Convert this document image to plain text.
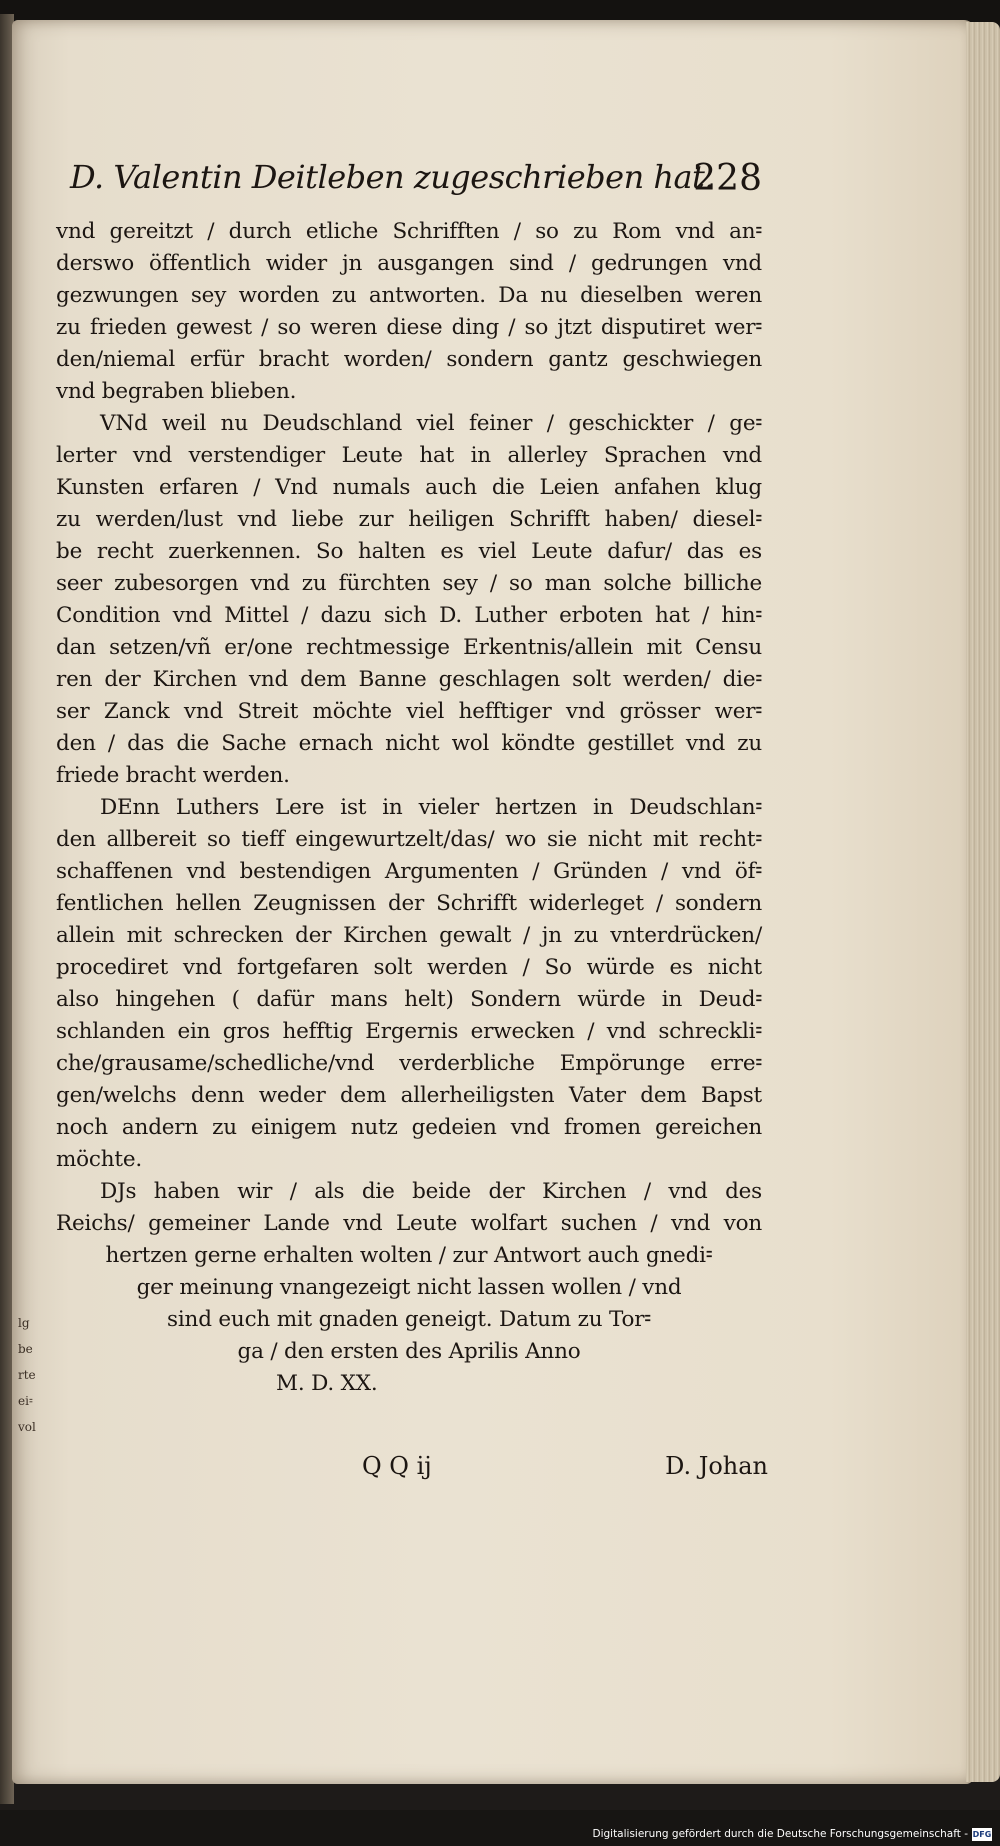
lg
be
rte
ei⹀
vol
D. Valentin Deitleben zugeschrieben hat.
228
vnd gereitzt / durch etliche Schrifften / so zu Rom vnd an⹀
derswo öffentlich wider jn ausgangen sind / gedrungen vnd
gezwungen sey worden zu antworten. Da nu dieselben weren
zu frieden gewest / so weren diese ding / so jtzt disputiret wer⹀
den/niemal erfür bracht worden/ sondern gantz geschwiegen
vnd begraben blieben.
VNd weil nu Deudschland viel feiner / geschickter / ge⹀
lerter vnd verstendiger Leute hat in allerley Sprachen vnd
Kunsten erfaren / Vnd numals auch die Leien anfahen klug
zu werden/lust vnd liebe zur heiligen Schrifft haben/ diesel⹀
be recht zuerkennen. So halten es viel Leute dafur/ das es
seer zubesorgen vnd zu fürchten sey / so man solche billiche
Condition vnd Mittel / dazu sich D. Luther erboten hat / hin⹀
dan setzen/vñ er/one rechtmessige Erkentnis/allein mit Censu
ren der Kirchen vnd dem Banne geschlagen solt werden/ die⹀
ser Zanck vnd Streit möchte viel hefftiger vnd grösser wer⹀
den / das die Sache ernach nicht wol köndte gestillet vnd zu
friede bracht werden.
DEnn Luthers Lere ist in vieler hertzen in Deudschlan⹀
den allbereit so tieff eingewurtzelt/das/ wo sie nicht mit recht⹀
schaffenen vnd bestendigen Argumenten / Gründen / vnd öf⹀
fentlichen hellen Zeugnissen der Schrifft widerleget / sondern
allein mit schrecken der Kirchen gewalt / jn zu vnterdrücken/
procediret vnd fortgefaren solt werden / So würde es nicht
also hingehen ( dafür mans helt) Sondern würde in Deud⹀
schlanden ein gros hefftig Ergernis erwecken / vnd schreckli⹀
che/grausame/schedliche/vnd verderbliche Empörunge erre⹀
gen/welchs denn weder dem allerheiligsten Vater dem Bapst
noch andern zu einigem nutz gedeien vnd fromen gereichen
möchte.
DJs haben wir / als die beide der Kirchen / vnd des
Reichs/ gemeiner Lande vnd Leute wolfart suchen / vnd von
hertzen gerne erhalten wolten / zur Antwort auch gnedi⹀
ger meinung vnangezeigt nicht lassen wollen / vnd
sind euch mit gnaden geneigt. Datum zu Tor⹀
ga / den ersten des Aprilis Anno
M. D. XX.
Q Q ij	D. Johan
Digitalisierung gefördert durch die Deutsche Forschungsgemeinschaft - DFG
